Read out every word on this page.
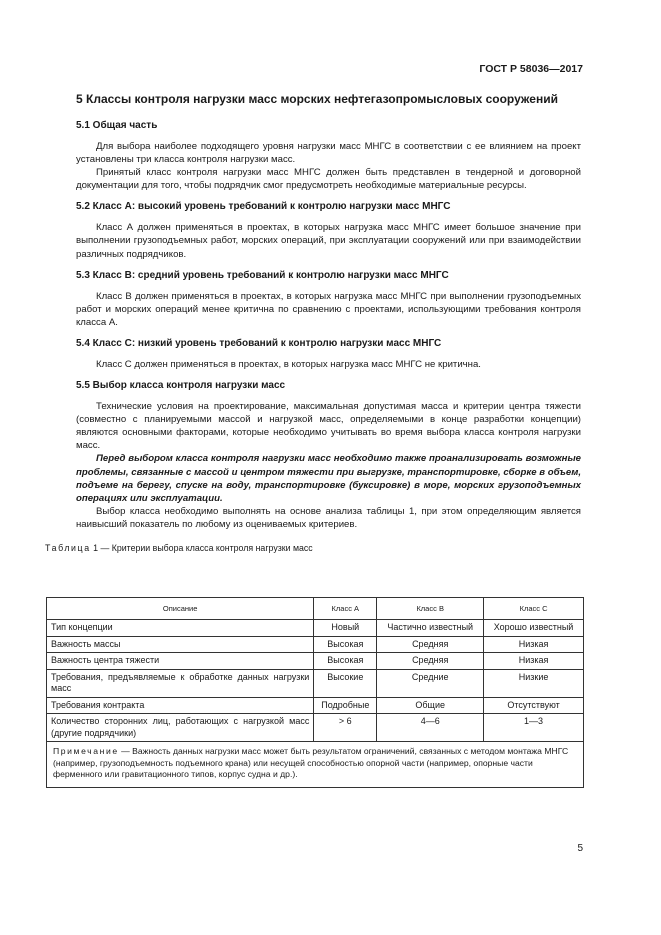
ГОСТ Р 58036—2017
5 Классы контроля нагрузки масс морских нефтегазопромысловых сооружений
5.1 Общая часть

Для выбора наиболее подходящего уровня нагрузки масс МНГС в соответствии с ее влиянием на проект установлены три класса контроля нагрузки масс.

Принятый класс контроля нагрузки масс МНГС должен быть представлен в тендерной и договорной документации для того, чтобы подрядчик смог предусмотреть необходимые материальные ресурсы.

5.2 Класс А: высокий уровень требований к контролю нагрузки масс МНГС

Класс А должен применяться в проектах, в которых нагрузка масс МНГС имеет большое значение при выполнении грузоподъемных работ, морских операций, при эксплуатации сооружений или при взаимодействии различных подрядчиков.

5.3 Класс В: средний уровень требований к контролю нагрузки масс МНГС

Класс В должен применяться в проектах, в которых нагрузка масс МНГС при выполнении грузоподъемных работ и морских операций менее критична по сравнению с проектами, использующими требования контроля класса А.

5.4 Класс С: низкий уровень требований к контролю нагрузки масс МНГС

Класс С должен применяться в проектах, в которых нагрузка масс МНГС не критична.

5.5 Выбор класса контроля нагрузки масс

Технические условия на проектирование, максимальная допустимая масса и критерии центра тяжести (совместно с планируемыми массой и нагрузкой масс, определяемыми в конце разработки концепции) являются основными факторами, которые необходимо учитывать во время выбора класса контроля нагрузки масс.

Перед выбором класса контроля нагрузки масс необходимо также проанализировать возможные проблемы, связанные с массой и центром тяжести при выгрузке, транспортировке, сборке в объем, подъеме на берегу, спуске на воду, транспортировке (буксировке) в море, морских грузоподъемных операциях или эксплуатации.

Выбор класса необходимо выполнять на основе анализа таблицы 1, при этом определяющим является наивысший показатель по любому из оцениваемых критериев.

Таблица 1 — Критерии выбора класса контроля нагрузки масс
Описание	Класс А	Класс В	Класс С
Тип концепции	Новый	Частично известный	Хорошо известный
Важность массы	Высокая	Средняя	Низкая
Важность центра тяжести	Высокая	Средняя	Низкая
Требования, предъявляемые к обработке данных нагрузки масс	Высокие	Средние	Низкие
Требования контракта	Подробные	Общие	Отсутствуют
Количество сторонних лиц, работающих с нагрузкой масс (другие подрядчики)	> 6	4—6	1—3
Примечание — Важность данных нагрузки масс может быть результатом ограничений, связанных с методом монтажа МНГС (например, грузоподъемность подъемного крана) или несущей способностью опорной части (например, опорные части ферменного или гравитационного типов, корпус судна и др.).			
5
